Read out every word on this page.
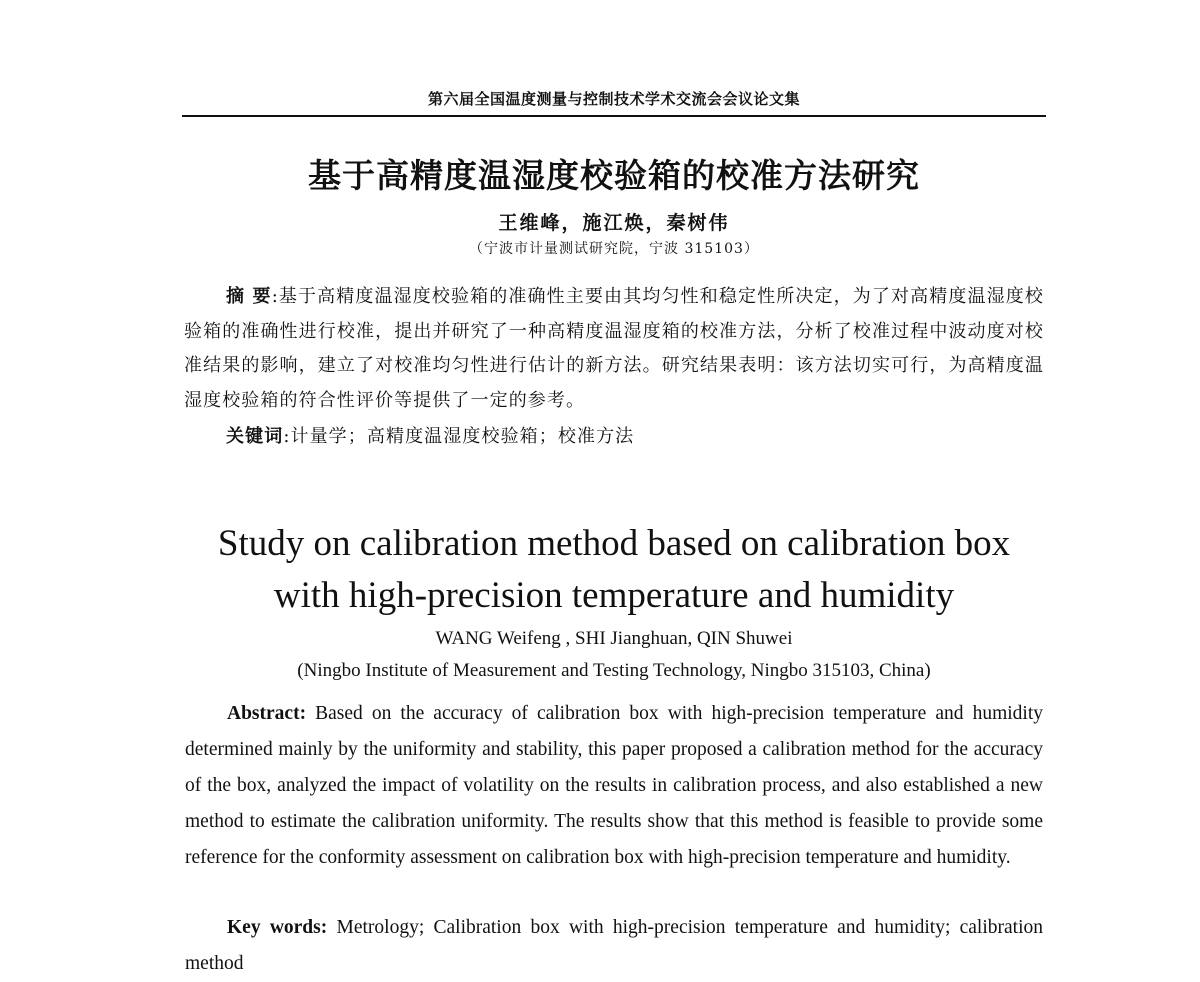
第六届全国温度测量与控制技术学术交流会会议论文集
基于高精度温湿度校验箱的校准方法研究
王维峰，施江焕，秦树伟
（宁波市计量测试研究院，宁波 315103）
摘 要:基于高精度温湿度校验箱的准确性主要由其均匀性和稳定性所决定，为了对高精度温湿度校验箱的准确性进行校准，提出并研究了一种高精度温湿度箱的校准方法，分析了校准过程中波动度对校准结果的影响，建立了对校准均匀性进行估计的新方法。研究结果表明：该方法切实可行，为高精度温湿度校验箱的符合性评价等提供了一定的参考。
关键词:计量学；高精度温湿度校验箱；校准方法
Study on calibration method based on calibration box
with high-precision temperature and humidity
WANG Weifeng , SHI Jianghuan, QIN Shuwei
(Ningbo Institute of Measurement and Testing Technology, Ningbo 315103, China)
Abstract: Based on the accuracy of calibration box with high-precision temperature and humidity determined mainly by the uniformity and stability, this paper proposed a calibration method for the accuracy of the box, analyzed the impact of volatility on the results in calibration process, and also established a new method to estimate the calibration uniformity. The results show that this method is feasible to provide some reference for the conformity assessment on calibration box with high-precision temperature and humidity.
Key words: Metrology; Calibration box with high-precision temperature and humidity; calibration method
